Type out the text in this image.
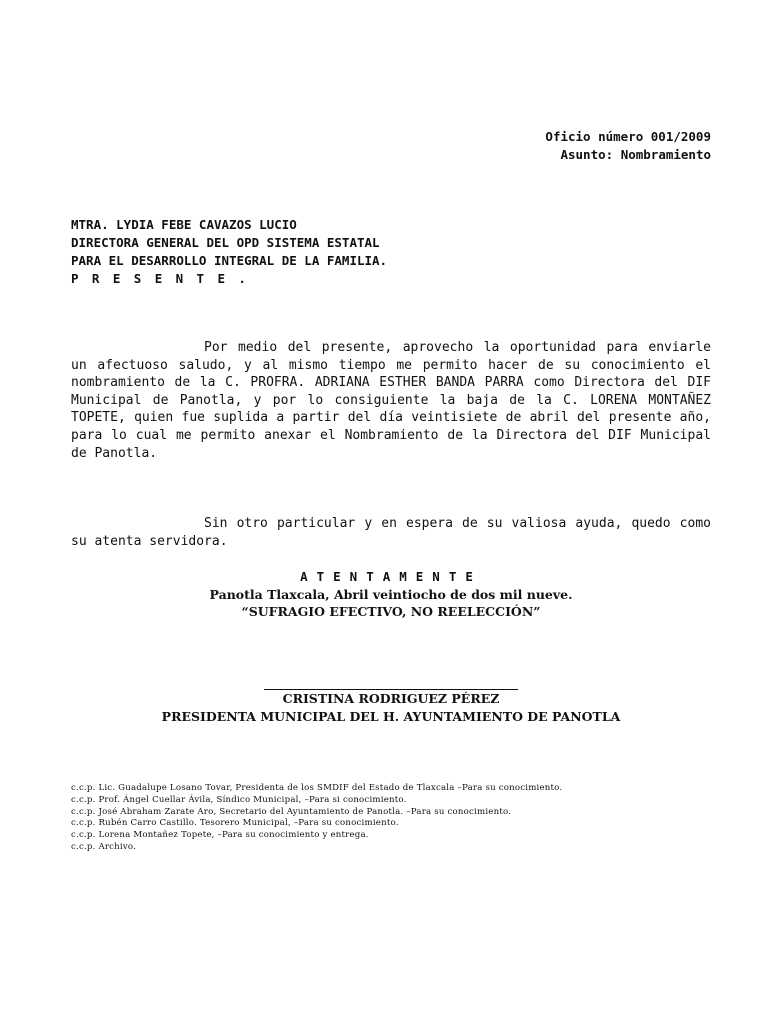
Oficio número 001/2009
Asunto: Nombramiento
MTRA. LYDIA FEBE CAVAZOS LUCIO
DIRECTORA GENERAL DEL OPD SISTEMA ESTATAL
PARA EL DESARROLLO INTEGRAL DE LA FAMILIA.
PRESENTE.

Por medio del presente, aprovecho la oportunidad para enviarle un afectuoso saludo, y al mismo tiempo me permito hacer de su conocimiento el nombramiento de la C. PROFRA. ADRIANA ESTHER BANDA PARRA como Directora del DIF Municipal de Panotla, y por lo consiguiente la baja de la C. LORENA MONTAÑEZ TOPETE, quien fue suplida a partir del día veintisiete de abril del presente año, para lo cual me permito anexar el Nombramiento de la Directora del DIF Municipal de Panotla.

Sin otro particular y en espera de su valiosa ayuda, quedo como su atenta servidora.

ATENTAMENTE
Panotla Tlaxcala, Abril veintiocho de dos mil nueve.
“SUFRAGIO EFECTIVO, NO REELECCIÓN”
CRISTINA RODRIGUEZ PÉREZ
PRESIDENTA MUNICIPAL DEL H. AYUNTAMIENTO DE PANOTLA
c.c.p. Lic. Guadalupe Losano Tovar, Presidenta de los SMDIF del Estado de Tlaxcala –Para su conocimiento.
c.c.p. Prof. Ángel Cuellar Ávila, Síndico Municipal, –Para si conocimiento.
c.c.p. José Abraham Zarate Aro, Secretario del Ayuntamiento de Panotla. –Para su conocimiento.
c.c.p. Rubén Carro Castillo. Tesorero Municipal, –Para su conocimiento.
c.c.p. Lorena Montañez Topete, –Para su conocimiento y entrega.
c.c.p. Archivo.
